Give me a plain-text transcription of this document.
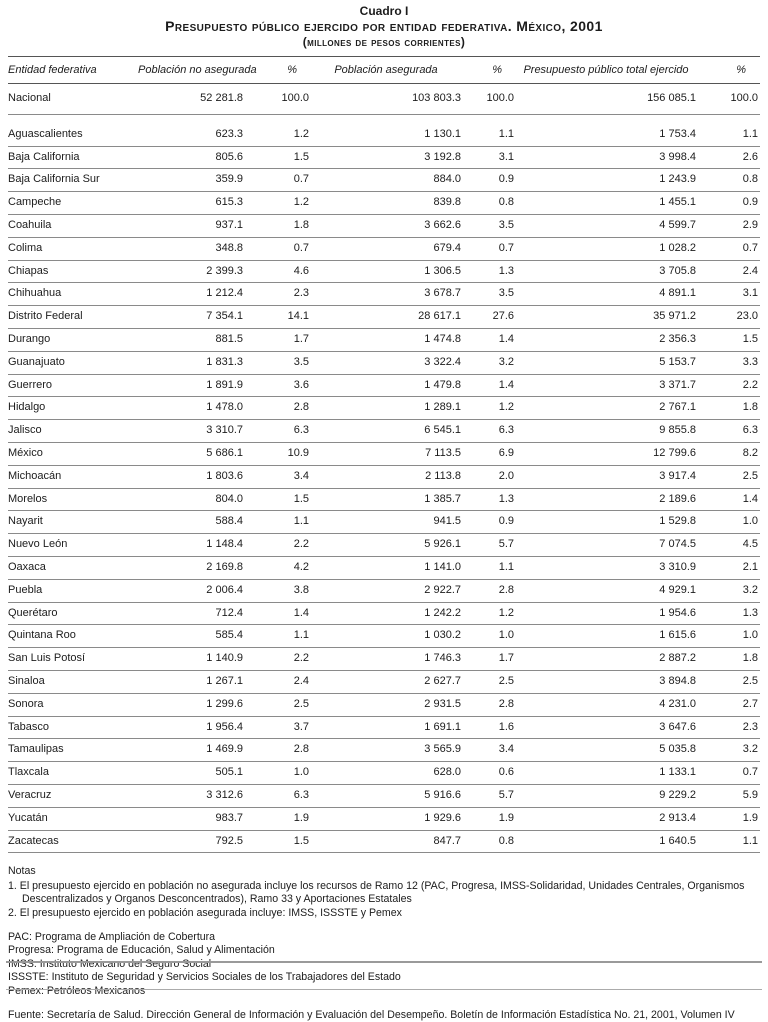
Cuadro I
Presupuesto público ejercido por entidad federativa. México, 2001
(millones de pesos corrientes)
Entidad federativa	Población no asegurada	%	Población asegurada	%	Presupuesto público total ejercido	%
Nacional	52 281.8	100.0	103 803.3	100.0	156 085.1	100.0

Aguascalientes	623.3	1.2	1 130.1	1.1	1 753.4	1.1
Baja California	805.6	1.5	3 192.8	3.1	3 998.4	2.6
Baja California Sur	359.9	0.7	884.0	0.9	1 243.9	0.8
Campeche	615.3	1.2	839.8	0.8	1 455.1	0.9
Coahuila	937.1	1.8	3 662.6	3.5	4 599.7	2.9
Colima	348.8	0.7	679.4	0.7	1 028.2	0.7
Chiapas	2 399.3	4.6	1 306.5	1.3	3 705.8	2.4
Chihuahua	1 212.4	2.3	3 678.7	3.5	4 891.1	3.1
Distrito Federal	7 354.1	14.1	28 617.1	27.6	35 971.2	23.0
Durango	881.5	1.7	1 474.8	1.4	2 356.3	1.5
Guanajuato	1 831.3	3.5	3 322.4	3.2	5 153.7	3.3
Guerrero	1 891.9	3.6	1 479.8	1.4	3 371.7	2.2
Hidalgo	1 478.0	2.8	1 289.1	1.2	2 767.1	1.8
Jalisco	3 310.7	6.3	6 545.1	6.3	9 855.8	6.3
México	5 686.1	10.9	7 113.5	6.9	12 799.6	8.2
Michoacán	1 803.6	3.4	2 113.8	2.0	3 917.4	2.5
Morelos	804.0	1.5	1 385.7	1.3	2 189.6	1.4
Nayarit	588.4	1.1	941.5	0.9	1 529.8	1.0
Nuevo León	1 148.4	2.2	5 926.1	5.7	7 074.5	4.5
Oaxaca	2 169.8	4.2	1 141.0	1.1	3 310.9	2.1
Puebla	2 006.4	3.8	2 922.7	2.8	4 929.1	3.2
Querétaro	712.4	1.4	1 242.2	1.2	1 954.6	1.3
Quintana Roo	585.4	1.1	1 030.2	1.0	1 615.6	1.0
San Luis Potosí	1 140.9	2.2	1 746.3	1.7	2 887.2	1.8
Sinaloa	1 267.1	2.4	2 627.7	2.5	3 894.8	2.5
Sonora	1 299.6	2.5	2 931.5	2.8	4 231.0	2.7
Tabasco	1 956.4	3.7	1 691.1	1.6	3 647.6	2.3
Tamaulipas	1 469.9	2.8	3 565.9	3.4	5 035.8	3.2
Tlaxcala	505.1	1.0	628.0	0.6	1 133.1	0.7
Veracruz	3 312.6	6.3	5 916.6	5.7	9 229.2	5.9
Yucatán	983.7	1.9	1 929.6	1.9	2 913.4	1.9
Zacatecas	792.5	1.5	847.7	0.8	1 640.5	1.1
Notas
1. El presupuesto ejercido en población no asegurada incluye los recursos de Ramo 12 (PAC, Progresa, IMSS-Solidaridad, Unidades Centrales, Organismos Descentralizados y Organos Desconcentrados), Ramo 33 y Aportaciones Estatales
2. El presupuesto ejercido en población asegurada incluye: IMSS, ISSSTE y Pemex
PAC: Programa de Ampliación de Cobertura
Progresa: Programa de Educación, Salud y Alimentación
IMSS: Instituto Mexicano del Seguro Social
ISSSTE: Instituto de Seguridad y Servicios Sociales de los Trabajadores del Estado
Pemex: Petróleos Mexicanos
Fuente: Secretaría de Salud. Dirección General de Información y Evaluación del Desempeño. Boletín de Información Estadística No. 21, 2001, Volumen IV
